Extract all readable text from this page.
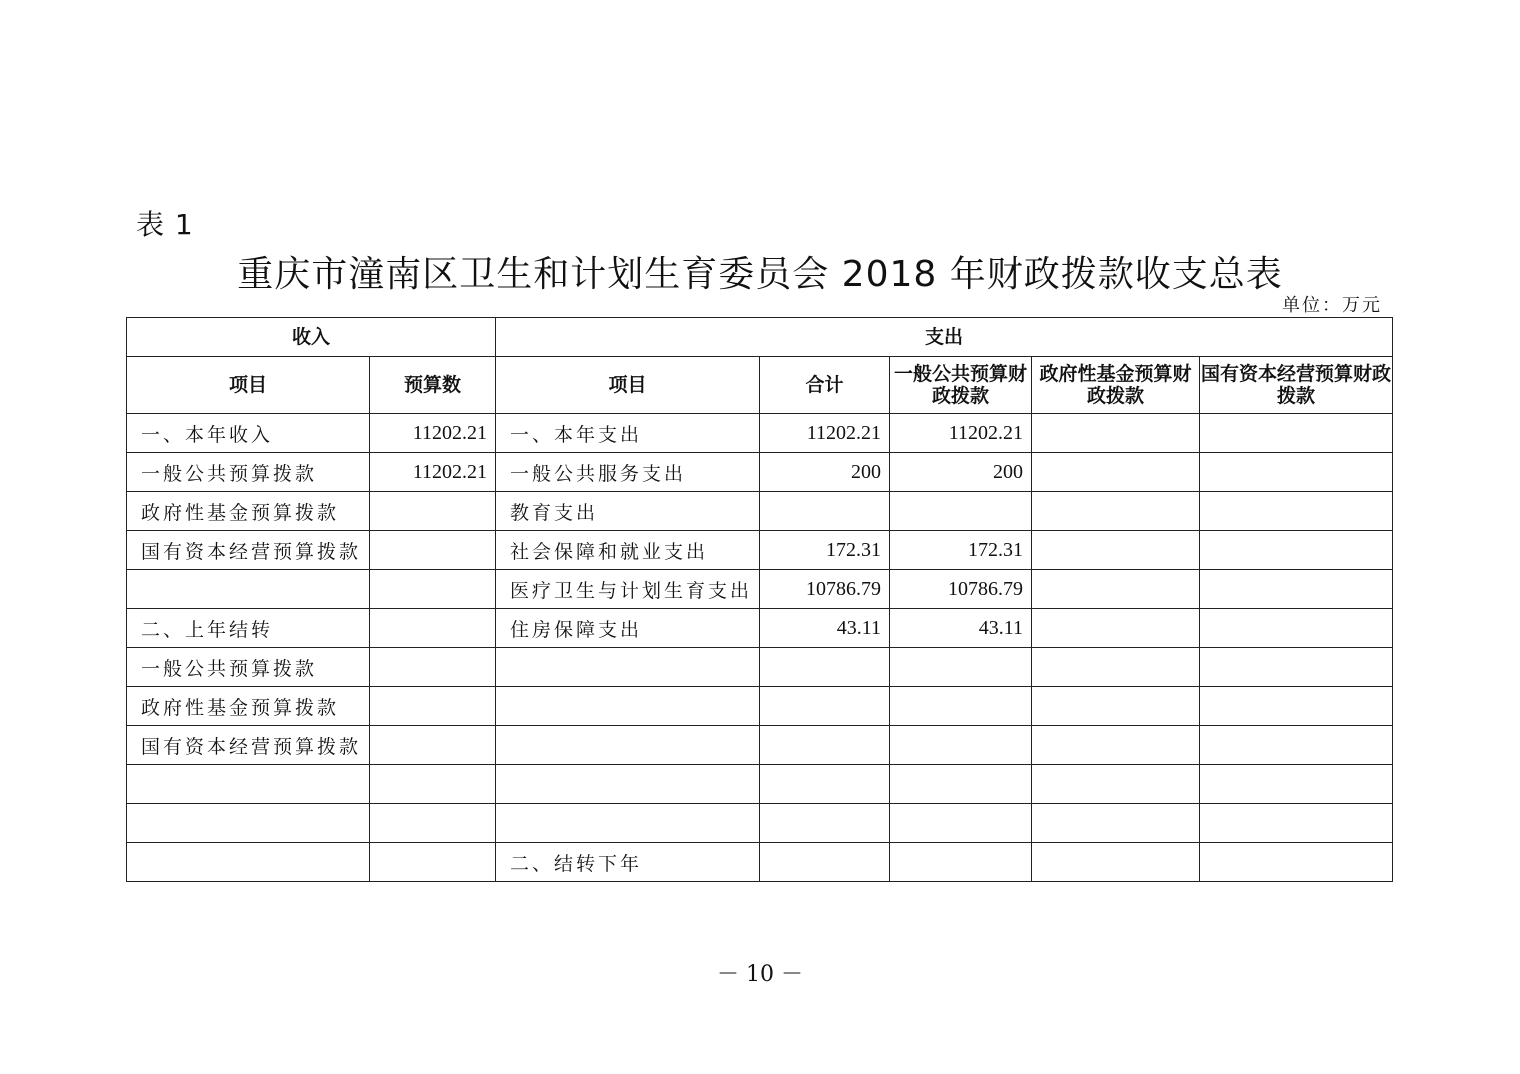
表 1
重庆市潼南区卫生和计划生育委员会 2018 年财政拨款收支总表
单位：万元
收入		支出				
项目	预算数	项目	合计	一般公共预算财政拨款	政府性基金预算财政拨款	国有资本经营预算财政拨款
一、本年收入	11202.21	一、本年支出	11202.21	11202.21		
一般公共预算拨款	11202.21	一般公共服务支出	200	200		
政府性基金预算拨款		教育支出				
国有资本经营预算拨款		社会保障和就业支出	172.31	172.31		
		医疗卫生与计划生育支出	10786.79	10786.79		
二、上年结转		住房保障支出	43.11	43.11		
一般公共预算拨款						
政府性基金预算拨款						
国有资本经营预算拨款						

		二、结转下年				
－ 10 －
